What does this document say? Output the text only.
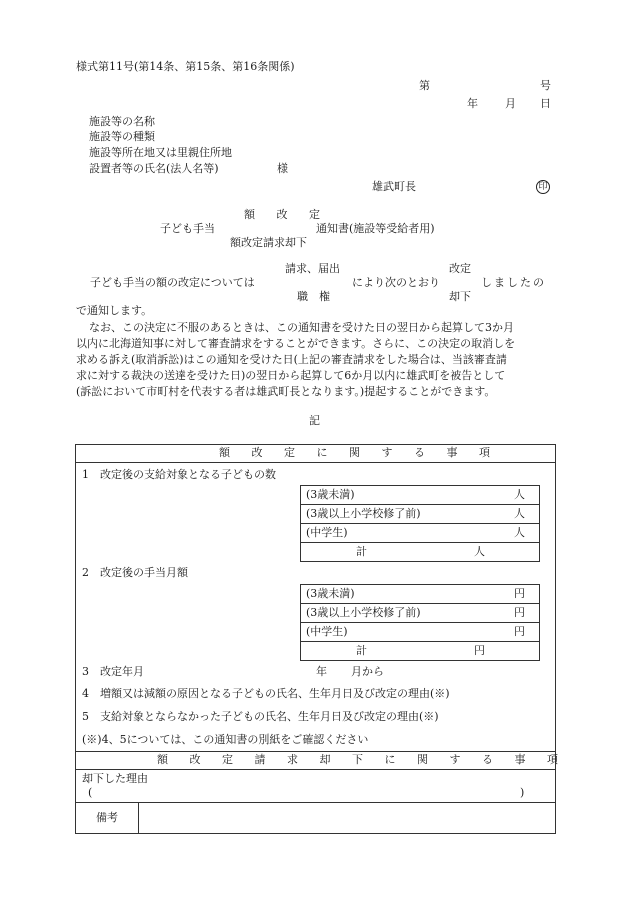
様式第11号(第14条、第15条、第16条関係)
第	号
年 月 日
施設等の名称
施設等の種類
施設等所在地又は里親住所地
設置者等の氏名(法人名等)	様
雄武町長	印
額 改 定
子ども手当	通知書(施設等受給者用)
額改定請求却下
請求、届出	改定
子ども手当の額の改定については	により次のとおり	しましたの
職　権	却下
で通知します。
なお、この決定に不服のあるときは、この通知書を受けた日の翌日から起算して3か月
以内に北海道知事に対して審査請求をすることができます。さらに、この決定の取消しを
求める訴え(取消訴訟)はこの通知を受けた日(上記の審査請求をした場合は、当該審査請
求に対する裁決の送達を受けた日)の翌日から起算して6か月以内に雄武町を被告として
(訴訟において市町村を代表する者は雄武町長となります。)提起することができます。
記
額 改 定 に 関 す る 事 項
1　改定後の支給対象となる子どもの数
(3歳未満)	人
(3歳以上小学校修了前)	人
(中学生)	人
計	人
2　改定後の手当月額
(3歳未満)	円
(3歳以上小学校修了前)	円
(中学生)	円
計	円
3　改定年月	年 月から
4　増額又は減額の原因となる子どもの氏名、生年月日及び改定の理由(※)
5　支給対象とならなかった子どもの氏名、生年月日及び改定の理由(※)
(※)4、5については、この通知書の別紙をご確認ください
額 改 定 請 求 却 下 に 関 す る 事 項
却下した理由
(	)
備考
